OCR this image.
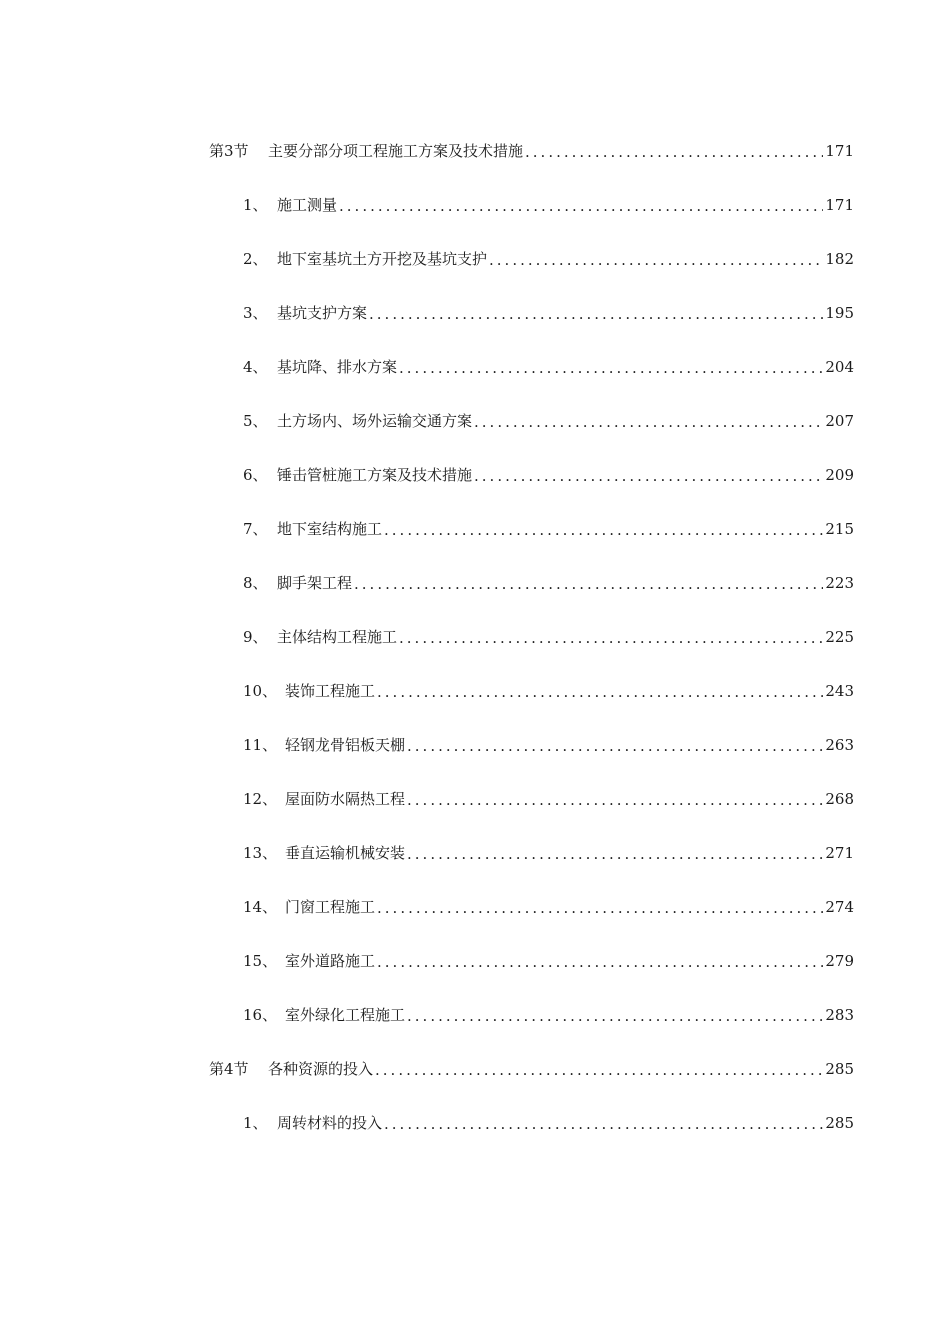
第3节	主要分部分项工程施工方案及技术措施 .....	171
1、 施工测量 .....	171
2、 地下室基坑土方开挖及基坑支护 .....	182
3、 基坑支护方案 .....	195
4、 基坑降、排水方案 .....	204
5、 土方场内、场外运输交通方案 .....	207
6、 锤击管桩施工方案及技术措施 .....	209
7、 地下室结构施工 .....	215
8、 脚手架工程 .....	223
9、 主体结构工程施工 .....	225
10、 装饰工程施工 .....	243
11、 轻钢龙骨铝板天棚 .....	263
12、 屋面防水隔热工程 .....	268
13、 垂直运输机械安装 .....	271
14、 门窗工程施工 .....	274
15、 室外道路施工 .....	279
16、 室外绿化工程施工 .....	283
第4节	各种资源的投入 .....	285
1、 周转材料的投入 .....	285
